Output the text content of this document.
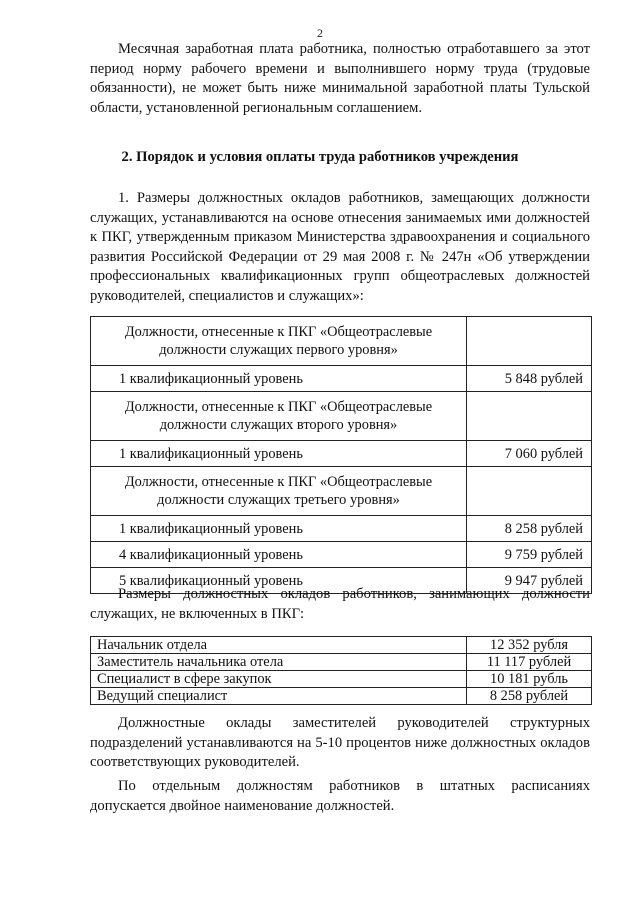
2
Месячная заработная плата работника, полностью отработавшего за этот период норму рабочего времени и выполнившего норму труда (трудовые обязанности), не может быть ниже минимальной заработной платы Тульской области, установленной региональным соглашением.
2. Порядок и условия оплаты труда работников учреждения
1. Размеры должностных окладов работников, замещающих должности служащих, устанавливаются на основе отнесения занимаемых ими должностей к ПКГ, утвержденным приказом Министерства здравоохранения и социального развития Российской Федерации от 29 мая 2008 г. № 247н «Об утверждении профессиональных квалификационных групп общеотраслевых должностей руководителей, специалистов и служащих»:
Должности, отнесенные к ПКГ «Общеотраслевые должности служащих первого уровня»	
1 квалификационный уровень	5 848 рублей
Должности, отнесенные к ПКГ «Общеотраслевые должности служащих второго уровня»	
1 квалификационный уровень	7 060 рублей
Должности, отнесенные к ПКГ «Общеотраслевые должности служащих третьего уровня»	
1 квалификационный уровень	8 258 рублей
4 квалификационный уровень	9 759 рублей
5 квалификационный уровень	9 947 рублей
Размеры должностных окладов работников, занимающих должности служащих, не включенных в ПКГ:
Начальник отдела	12 352 рубля
Заместитель начальника отела	11 117 рублей
Специалист в сфере закупок	10 181 рубль
Ведущий специалист	8 258 рублей
Должностные оклады заместителей руководителей структурных подразделений устанавливаются на 5-10 процентов ниже должностных окладов соответствующих руководителей.
По отдельным должностям работников в штатных расписаниях допускается двойное наименование должностей.
